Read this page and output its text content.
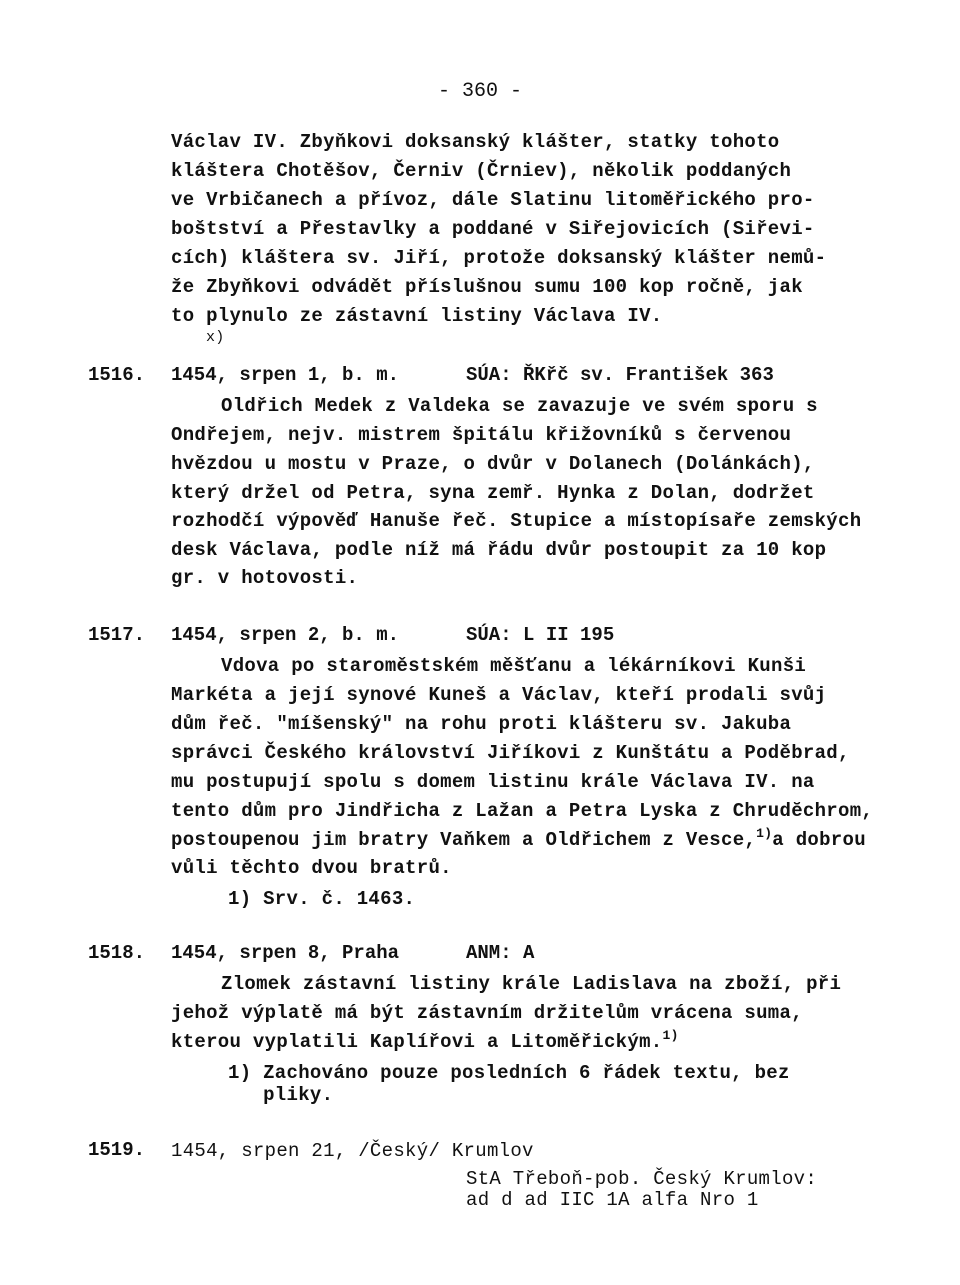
- 360 -
Václav IV. Zbyňkovi doksanský klášter, statky tohoto
kláštera Chotěšov, Černiv (Črniev), několik poddaných
ve Vrbičanech a přívoz, dále Slatinu litoměřického pro-
boštství a Přestavlky a poddané v Siřejovicích (Siřevi-
cích) kláštera sv. Jiří, protože doksanský klášter nemů-
že Zbyňkovi odvádět příslušnou sumu 100 kop ročně, jak
to plynulo ze zástavní listiny Václava IV.
x)
1516. 1454, srpen 1, b. m.	SÚA: ŘKřč sv. František 363
Oldřich Medek z Valdeka se zavazuje ve svém sporu s
Ondřejem, nejv. mistrem špitálu křižovníků s červenou
hvězdou u mostu v Praze, o dvůr v Dolanech (Dolánkách),
který držel od Petra, syna zemř. Hynka z Dolan, dodržet
rozhodčí výpověď Hanuše řeč. Stupice a místopísaře zemských
desk Václava, podle níž má řádu dvůr postoupit za 10 kop
gr. v hotovosti.
1517. 1454, srpen 2, b. m.	SÚA: L II 195
Vdova po staroměstském měšťanu a lékárníkovi Kunši
Markéta a její synové Kuneš a Václav, kteří prodali svůj
dům řeč. "míšenský" na rohu proti klášteru sv. Jakuba
správci Českého království Jiříkovi z Kunštátu a Poděbrad,
mu postupují spolu s domem listinu krále Václava IV. na
tento dům pro Jindřicha z Lažan a Petra Lyska z Chrudĕchrom,
postoupenou jim bratry Vaňkem a Oldřichem z Vesce,$^{1)}$a dobrou
vůli těchto dvou bratrů.
1) Srv. č. 1463.
1518. 1454, srpen 8, Praha	ANM: A
Zlomek zástavní listiny krále Ladislava na zboží, při
jehož výplatě má být zástavním držitelům vrácena suma,
kterou vyplatili Kaplířovi a Litoměřickým.$^{1)}$
1) Zachováno pouze posledních 6 řádek textu, bez
pliky.
1519. 1454, srpen 21, /Český/ Krumlov
StA Třeboň-pob. Český Krumlov:
ad d ad IIC 1A alfa Nro 1
